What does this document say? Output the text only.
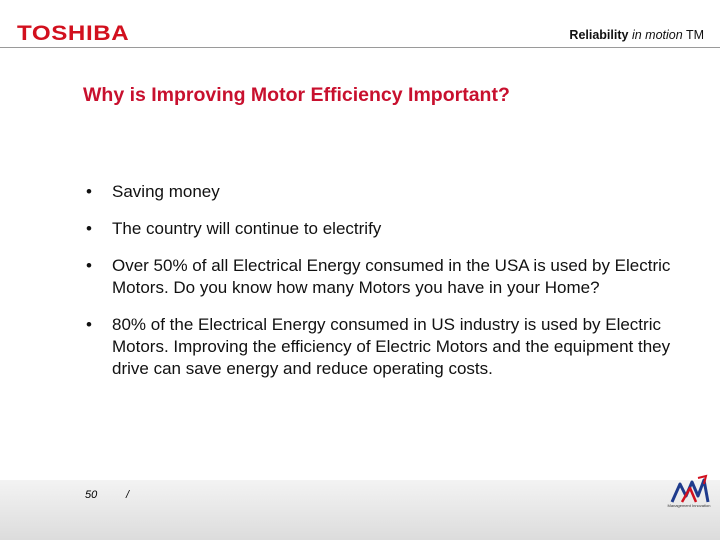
TOSHIBA	Reliability in motion TM
Why is Improving Motor Efficiency Important?
• Saving money
• The country will continue to electrify
• Over 50% of all Electrical Energy consumed in the USA is used by Electric Motors. Do you know how many Motors you have in your Home?
• 80% of the Electrical Energy consumed in US industry is used by Electric Motors. Improving the efficiency of Electric Motors and the equipment they drive can save energy and reduce operating costs.
50	/
Management Innovation
